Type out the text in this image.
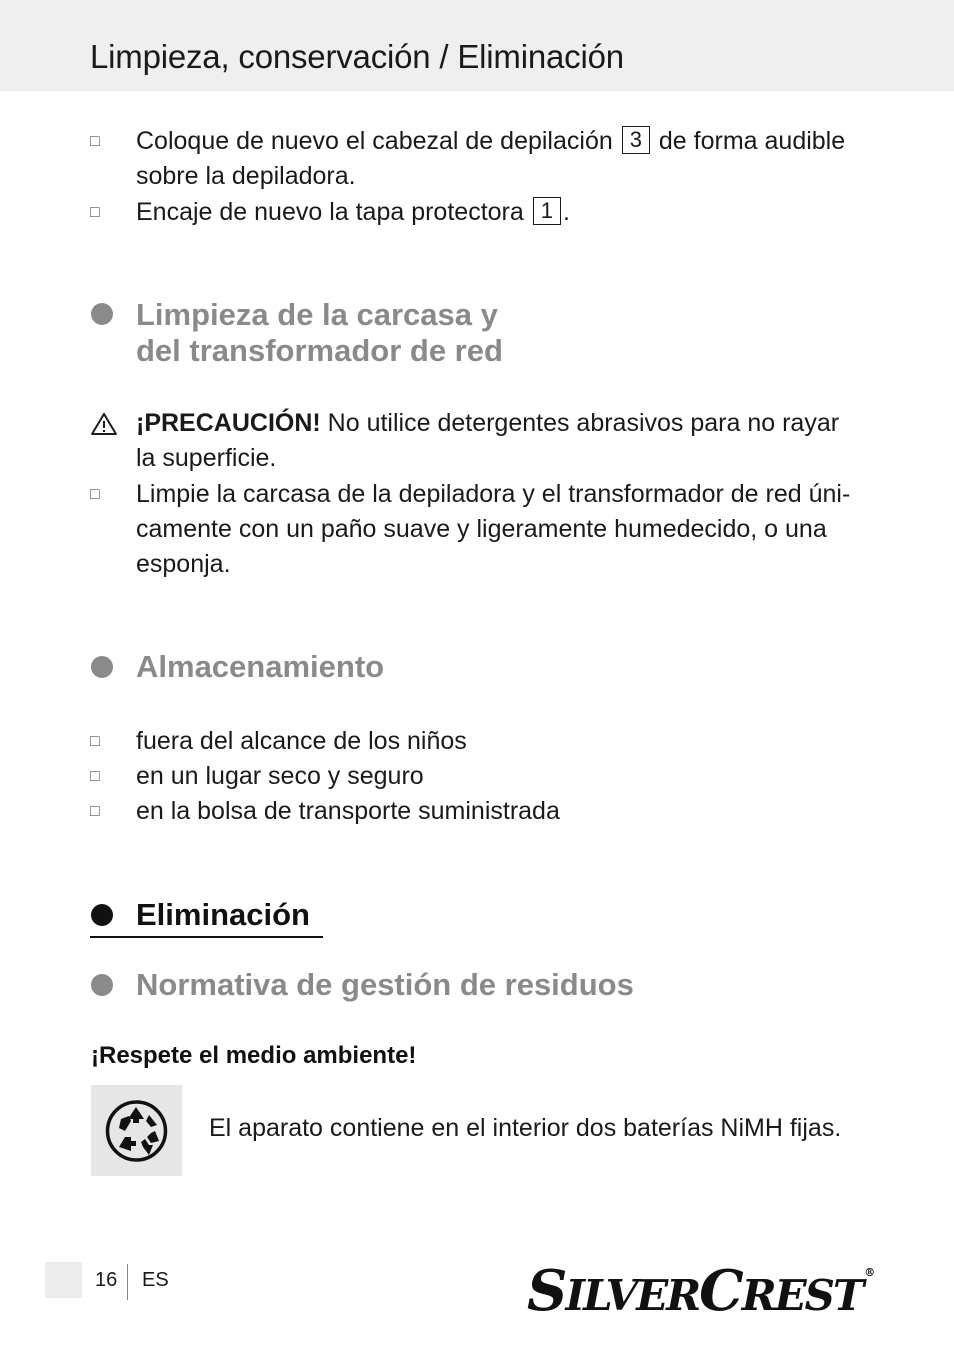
Limpieza, conservación / Eliminación
□	Coloque de nuevo el cabezal de depilación 3 de forma audible
sobre la depiladora.
□	Encaje de nuevo la tapa protectora 1 .
Limpieza de la carcasa y
del transformador de red
¡PRECAUCIÓN! No utilice detergentes abrasivos para no rayar
la superficie.
□	Limpie la carcasa de la depiladora y el transformador de red úni-
camente con un paño suave y ligeramente humedecido, o una
esponja.
Almacenamiento
□	fuera del alcance de los niños
□	en un lugar seco y seguro
□	en la bolsa de transporte suministrada
Eliminación
Normativa de gestión de residuos
¡Respete el medio ambiente!
El aparato contiene en el interior dos baterías NiMH fijas.
16 ES	SILVERCREST ®
